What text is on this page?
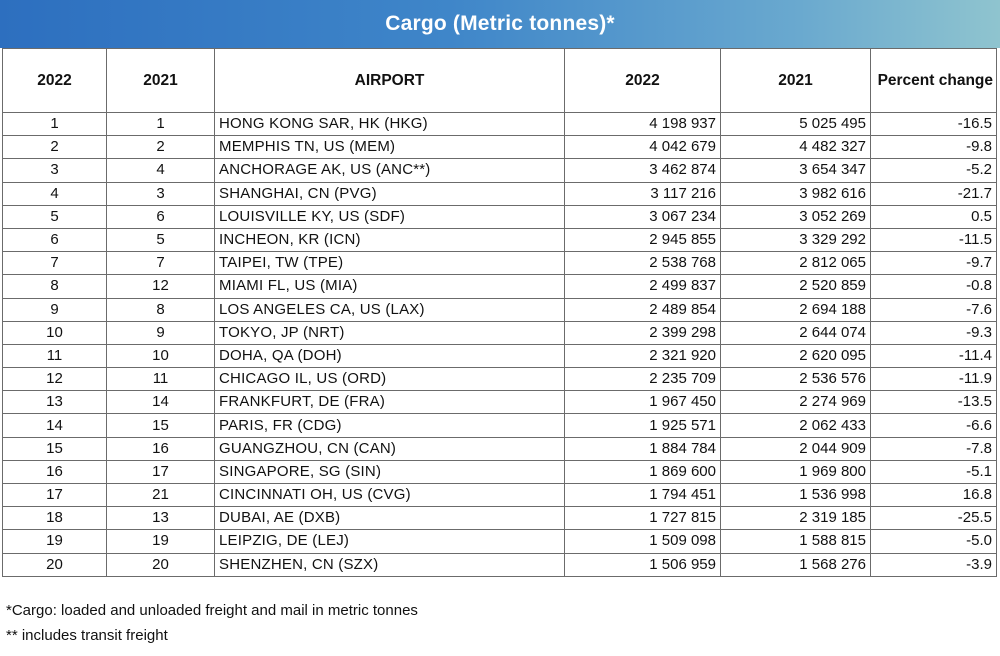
Cargo (Metric tonnes)*
2022	2021	AIRPORT	2022	2021	Percent change
1	1	HONG KONG SAR, HK (HKG)	4 198 937	5 025 495	-16.5
2	2	MEMPHIS TN, US (MEM)	4 042 679	4 482 327	-9.8
3	4	ANCHORAGE AK, US (ANC**)	3 462 874	3 654 347	-5.2
4	3	SHANGHAI, CN (PVG)	3 117 216	3 982 616	-21.7
5	6	LOUISVILLE KY, US (SDF)	3 067 234	3 052 269	0.5
6	5	INCHEON, KR (ICN)	2 945 855	3 329 292	-11.5
7	7	TAIPEI, TW (TPE)	2 538 768	2 812 065	-9.7
8	12	MIAMI FL, US (MIA)	2 499 837	2 520 859	-0.8
9	8	LOS ANGELES CA, US (LAX)	2 489 854	2 694 188	-7.6
10	9	TOKYO, JP (NRT)	2 399 298	2 644 074	-9.3
11	10	DOHA, QA (DOH)	2 321 920	2 620 095	-11.4
12	11	CHICAGO IL, US (ORD)	2 235 709	2 536 576	-11.9
13	14	FRANKFURT, DE (FRA)	1 967 450	2 274 969	-13.5
14	15	PARIS, FR (CDG)	1 925 571	2 062 433	-6.6
15	16	GUANGZHOU, CN (CAN)	1 884 784	2 044 909	-7.8
16	17	SINGAPORE, SG (SIN)	1 869 600	1 969 800	-5.1
17	21	CINCINNATI OH, US (CVG)	1 794 451	1 536 998	16.8
18	13	DUBAI, AE (DXB)	1 727 815	2 319 185	-25.5
19	19	LEIPZIG, DE (LEJ)	1 509 098	1 588 815	-5.0
20	20	SHENZHEN, CN (SZX)	1 506 959	1 568 276	-3.9
*Cargo: loaded and unloaded freight and mail in metric tonnes
** includes transit freight
